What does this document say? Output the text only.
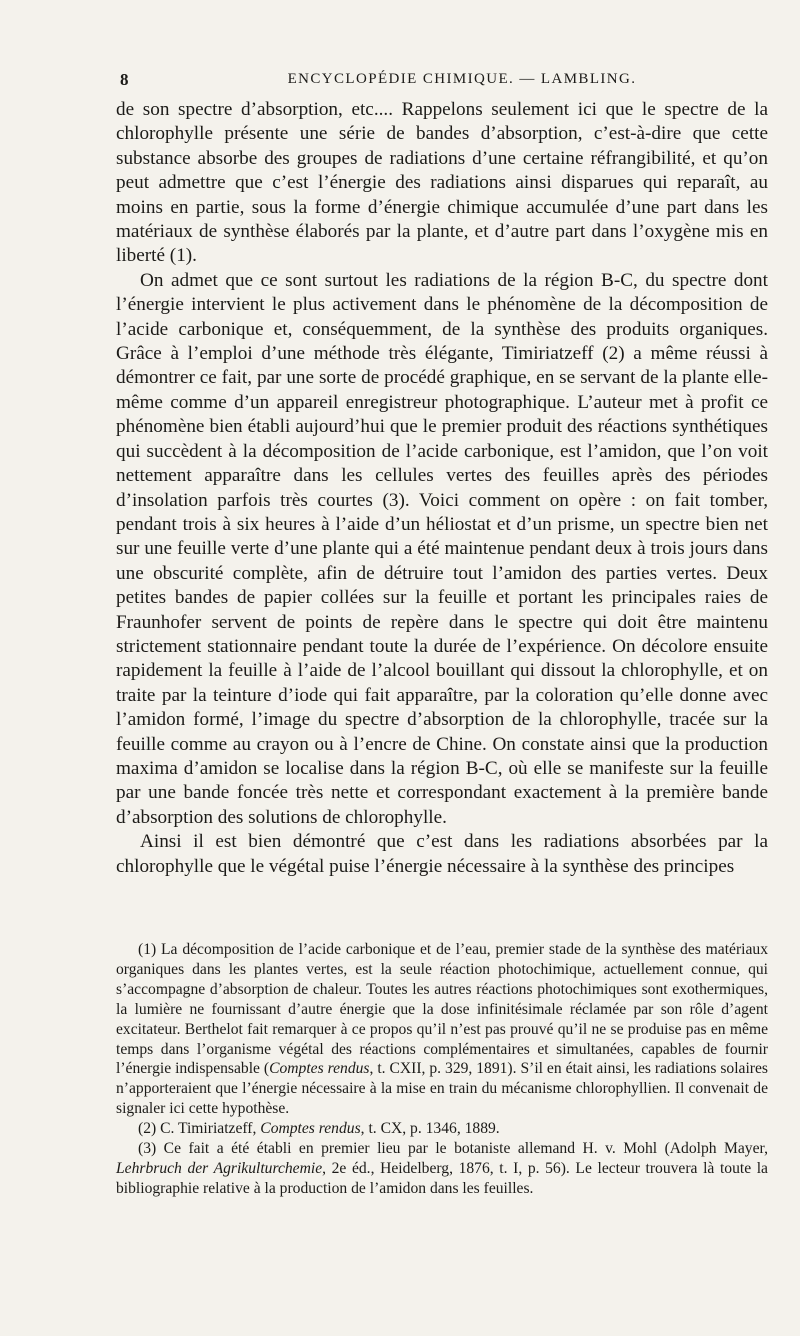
8	ENCYCLOPÉDIE CHIMIQUE. — LAMBLING.

de son spectre d’absorption, etc.... Rappelons seulement ici que le spectre de la chlorophylle présente une série de bandes d’absorption, c’est-à-dire que cette substance absorbe des groupes de radiations d’une certaine réfrangibilité, et qu’on peut admettre que c’est l’énergie des radiations ainsi disparues qui reparaît, au moins en partie, sous la forme d’énergie chimique accumulée d’une part dans les matériaux de synthèse élaborés par la plante, et d’autre part dans l’oxygène mis en liberté (1).

On admet que ce sont surtout les radiations de la région B-C, du spectre dont l’énergie intervient le plus activement dans le phénomène de la décomposition de l’acide carbonique et, conséquemment, de la synthèse des produits organiques. Grâce à l’emploi d’une méthode très élégante, Timiriatzeff (2) a même réussi à démontrer ce fait, par une sorte de procédé graphique, en se servant de la plante elle-même comme d’un appareil enregistreur photographique. L’auteur met à profit ce phénomène bien établi aujourd’hui que le premier produit des réactions synthétiques qui succèdent à la décomposition de l’acide carbonique, est l’amidon, que l’on voit nettement apparaître dans les cellules vertes des feuilles après des périodes d’insolation parfois très courtes (3). Voici comment on opère : on fait tomber, pendant trois à six heures à l’aide d’un héliostat et d’un prisme, un spectre bien net sur une feuille verte d’une plante qui a été maintenue pendant deux à trois jours dans une obscurité complète, afin de détruire tout l’amidon des parties vertes. Deux petites bandes de papier collées sur la feuille et portant les principales raies de Fraunhofer servent de points de repère dans le spectre qui doit être maintenu strictement stationnaire pendant toute la durée de l’expérience. On décolore ensuite rapidement la feuille à l’aide de l’alcool bouillant qui dissout la chlorophylle, et on traite par la teinture d’iode qui fait apparaître, par la coloration qu’elle donne avec l’amidon formé, l’image du spectre d’absorption de la chlorophylle, tracée sur la feuille comme au crayon ou à l’encre de Chine. On constate ainsi que la production maxima d’amidon se localise dans la région B-C, où elle se manifeste sur la feuille par une bande foncée très nette et correspondant exactement à la première bande d’absorption des solutions de chlorophylle.

Ainsi il est bien démontré que c’est dans les radiations absorbées par la chlorophylle que le végétal puise l’énergie nécessaire à la synthèse des principes

(1) La décomposition de l’acide carbonique et de l’eau, premier stade de la synthèse des matériaux organiques dans les plantes vertes, est la seule réaction photochimique, actuellement connue, qui s’accompagne d’absorption de chaleur. Toutes les autres réactions photochimiques sont exothermiques, la lumière ne fournissant d’autre énergie que la dose infinitésimale réclamée par son rôle d’agent excitateur. Berthelot fait remarquer à ce propos qu’il n’est pas prouvé qu’il ne se produise pas en même temps dans l’organisme végétal des réactions complémentaires et simultanées, capables de fournir l’énergie indispensable (Comptes rendus, t. CXII, p. 329, 1891). S’il en était ainsi, les radiations solaires n’apporteraient que l’énergie nécessaire à la mise en train du mécanisme chlorophyllien. Il convenait de signaler ici cette hypothèse.

(2) C. Timiriatzeff, Comptes rendus, t. CX, p. 1346, 1889.

(3) Ce fait a été établi en premier lieu par le botaniste allemand H. v. Mohl (Adolph Mayer, Lehrbruch der Agrikulturchemie, 2e éd., Heidelberg, 1876, t. I, p. 56). Le lecteur trouvera là toute la bibliographie relative à la production de l’amidon dans les feuilles.
